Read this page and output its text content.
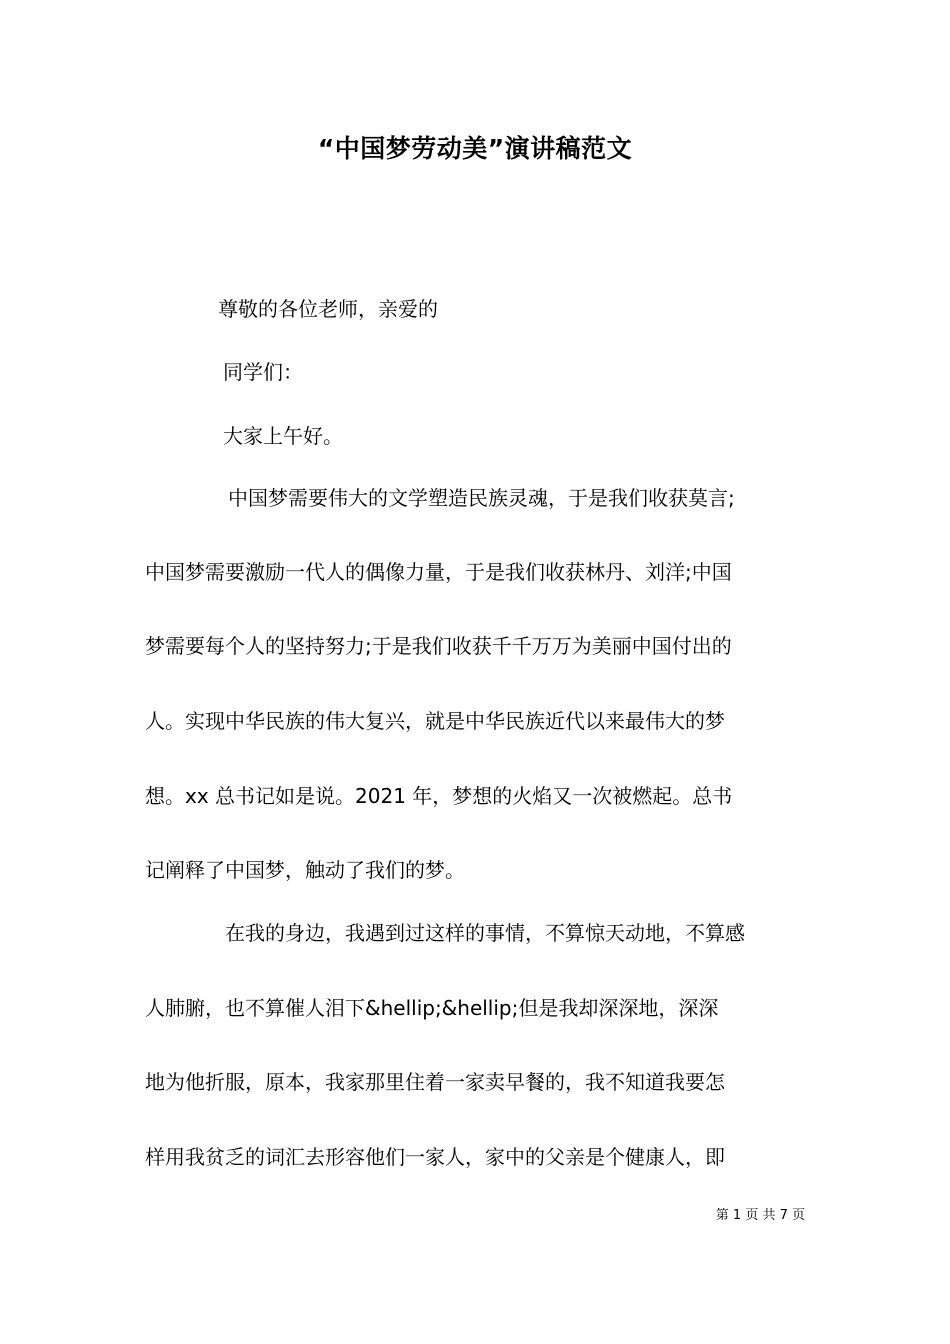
“中国梦劳动美”演讲稿范文
尊敬的各位老师，亲爱的
同学们：
大家上午好。
中国梦需要伟大的文学塑造民族灵魂，于是我们收获莫言;
中国梦需要激励一代人的偶像力量，于是我们收获林丹、刘洋;中国
梦需要每个人的坚持努力;于是我们收获千千万万为美丽中国付出的
人。实现中华民族的伟大复兴，就是中华民族近代以来最伟大的梦
想。xx 总书记如是说。2021 年，梦想的火焰又一次被燃起。总书
记阐释了中国梦，触动了我们的梦。
在我的身边，我遇到过这样的事情，不算惊天动地，不算感
人肺腑，也不算催人泪下&hellip;&hellip;但是我却深深地，深深
地为他折服，原本，我家那里住着一家卖早餐的，我不知道我要怎
样用我贫乏的词汇去形容他们一家人，家中的父亲是个健康人，即
第 1 页 共 7 页
